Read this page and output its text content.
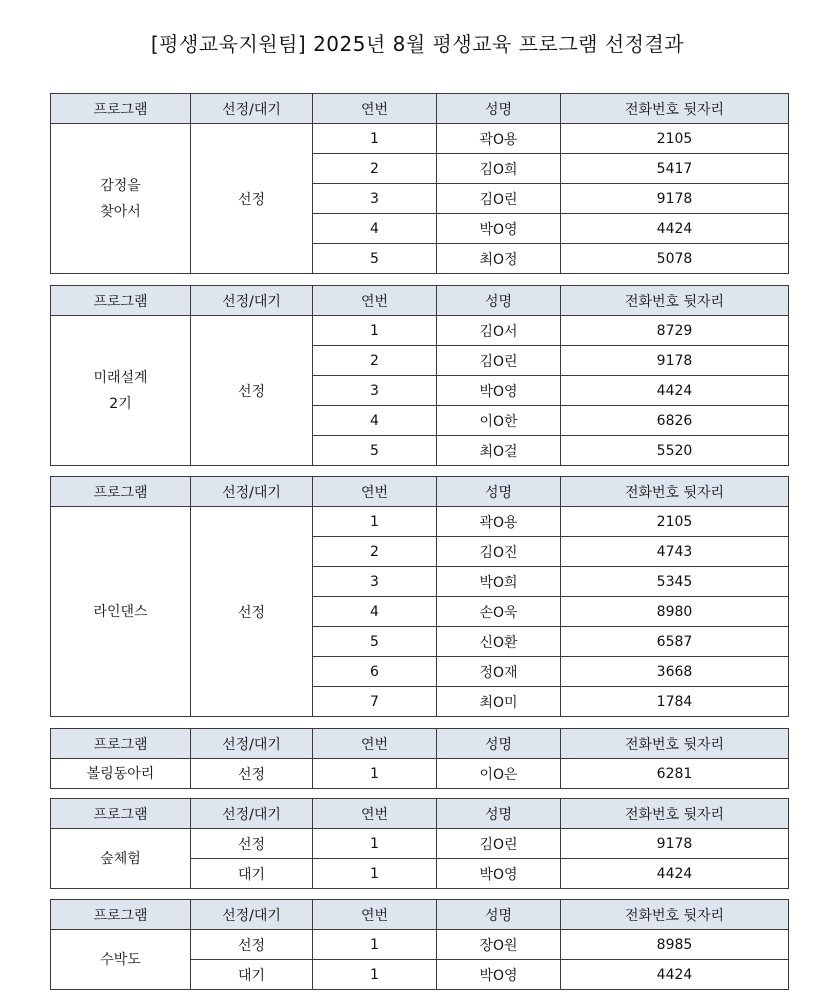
[평생교육지원팀] 2025년 8월 평생교육 프로그램 선정결과
프로그램	선정/대기	연번	성명	전화번호 뒷자리
감정을
찾아서	선정	1	곽O용	2105
		2	김O희	5417
		3	김O린	9178
		4	박O영	4424
		5	최O정	5078
프로그램	선정/대기	연번	성명	전화번호 뒷자리
미래설계
2기	선정	1	김O서	8729
		2	김O린	9178
		3	박O영	4424
		4	이O한	6826
		5	최O걸	5520
프로그램	선정/대기	연번	성명	전화번호 뒷자리
라인댄스	선정	1	곽O용	2105
		2	김O진	4743
		3	박O희	5345
		4	손O욱	8980
		5	신O환	6587
		6	정O재	3668
		7	최O미	1784
프로그램	선정/대기	연번	성명	전화번호 뒷자리
볼링동아리	선정	1	이O은	6281
프로그램	선정/대기	연번	성명	전화번호 뒷자리
숲체험	선정	1	김O린	9178
	대기	1	박O영	4424
프로그램	선정/대기	연번	성명	전화번호 뒷자리
수박도	선정	1	장O원	8985
	대기	1	박O영	4424
